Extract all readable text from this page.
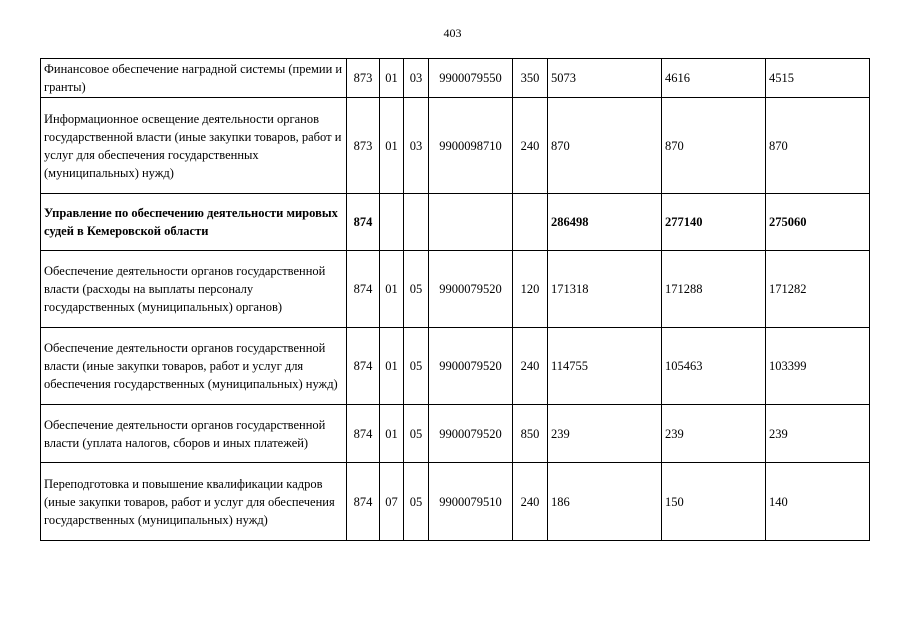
403
Финансовое обеспечение наградной системы (премии и гранты)	873	01	03	9900079550	350	5073	4616	4515
Информационное освещение деятельности органов государственной власти (иные закупки товаров, работ и услуг для обеспечения государственных (муниципальных) нужд)	873	01	03	9900098710	240	870	870	870
Управление по обеспечению деятельности мировых судей в Кемеровской области	874					286498	277140	275060
Обеспечение деятельности органов государственной власти (расходы на выплаты персоналу государственных (муниципальных) органов)	874	01	05	9900079520	120	171318	171288	171282
Обеспечение деятельности органов государственной власти (иные закупки товаров, работ и услуг для обеспечения государственных (муниципальных) нужд)	874	01	05	9900079520	240	114755	105463	103399
Обеспечение деятельности органов государственной власти (уплата налогов, сборов и иных платежей)	874	01	05	9900079520	850	239	239	239
Переподготовка и повышение квалификации кадров (иные закупки товаров, работ и услуг для обеспечения государственных (муниципальных) нужд)	874	07	05	9900079510	240	186	150	140
